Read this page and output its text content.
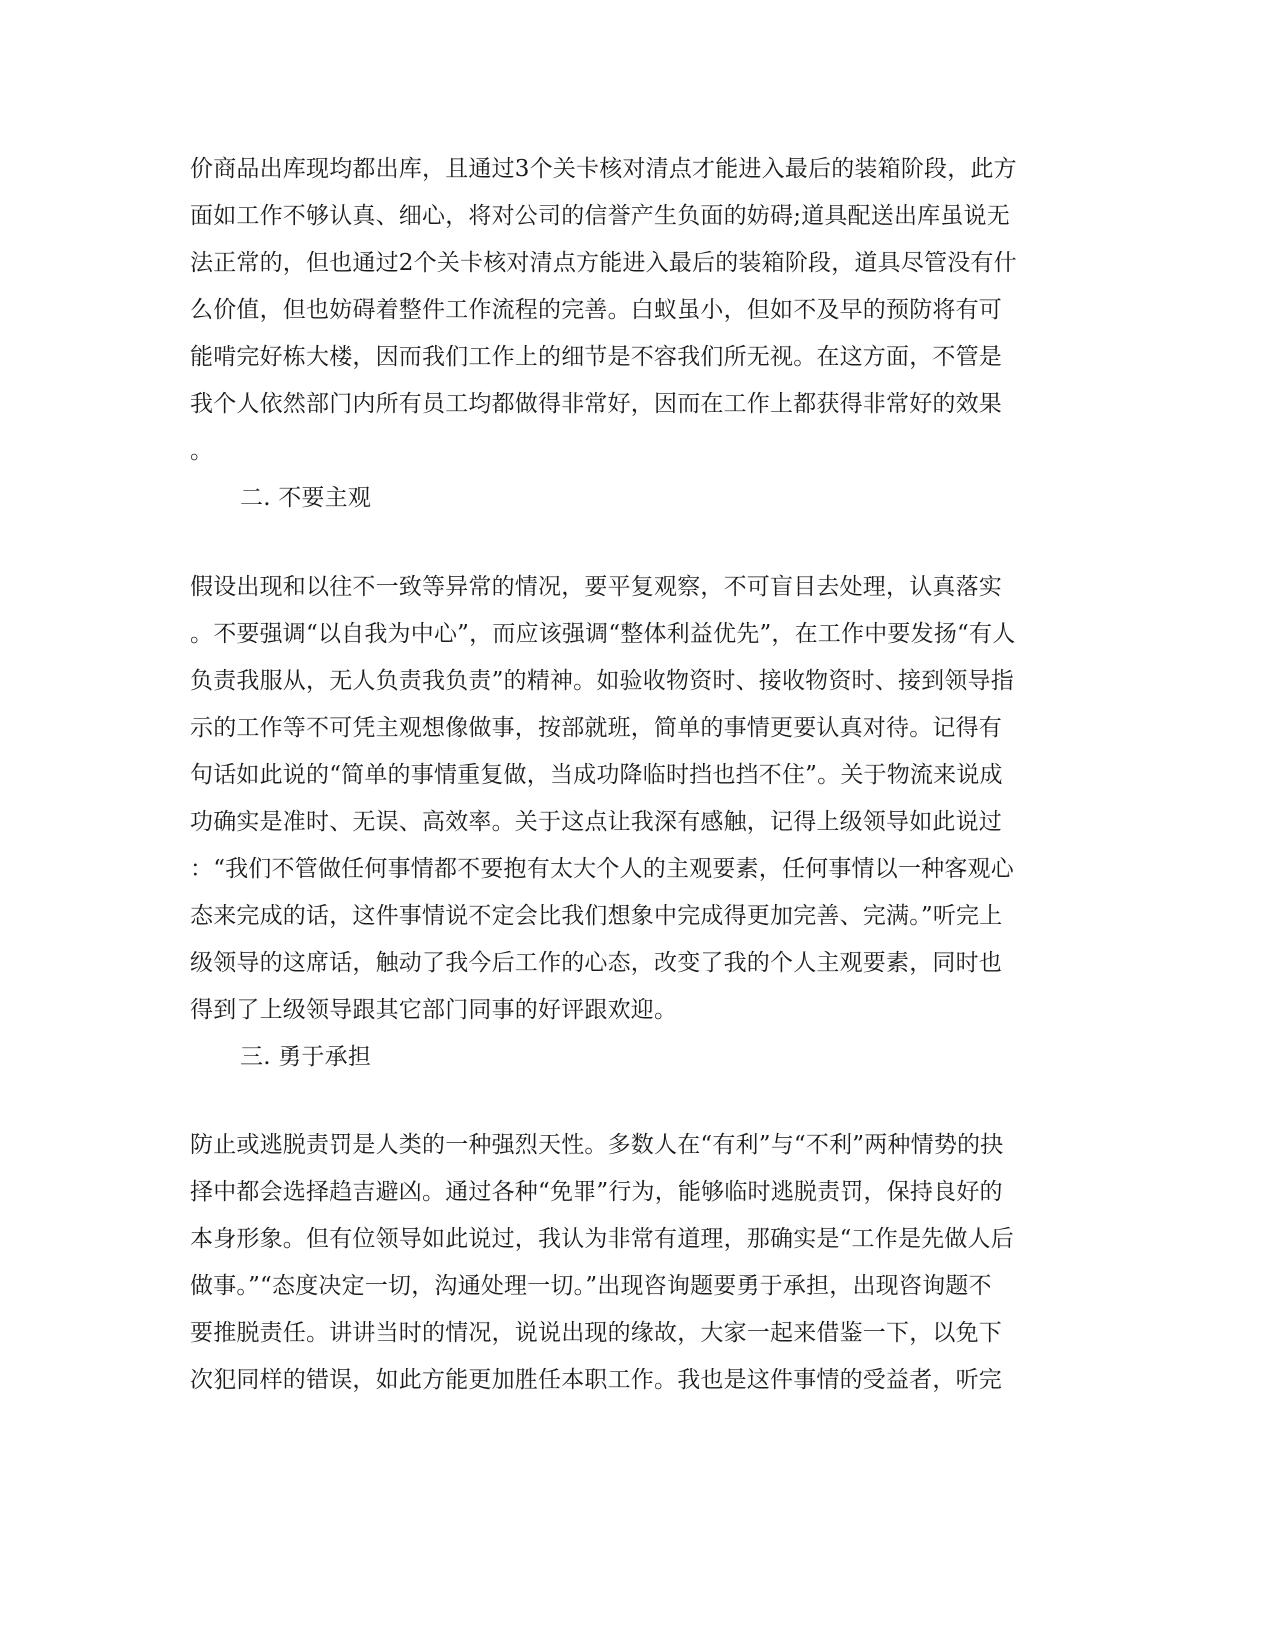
价商品出库现均都出库，且通过3个关卡核对清点才能进入最后的装箱阶段，此方
面如工作不够认真、细心，将对公司的信誉产生负面的妨碍;道具配送出库虽说无
法正常的，但也通过2个关卡核对清点方能进入最后的装箱阶段，道具尽管没有什
么价值，但也妨碍着整件工作流程的完善。白蚁虽小，但如不及早的预防将有可
能啃完好栋大楼，因而我们工作上的细节是不容我们所无视。在这方面，不管是
我个人依然部门内所有员工均都做得非常好，因而在工作上都获得非常好的效果
。
二. 不要主观
假设出现和以往不一致等异常的情况，要平复观察，不可盲目去处理，认真落实
。不要强调“以自我为中心”，而应该强调“整体利益优先”，在工作中要发扬“有人
负责我服从，无人负责我负责”的精神。如验收物资时、接收物资时、接到领导指
示的工作等不可凭主观想像做事，按部就班，简单的事情更要认真对待。记得有
句话如此说的“简单的事情重复做，当成功降临时挡也挡不住”。关于物流来说成
功确实是准时、无误、高效率。关于这点让我深有感触，记得上级领导如此说过
：“我们不管做任何事情都不要抱有太大个人的主观要素，任何事情以一种客观心
态来完成的话，这件事情说不定会比我们想象中完成得更加完善、完满。”听完上
级领导的这席话，触动了我今后工作的心态，改变了我的个人主观要素，同时也
得到了上级领导跟其它部门同事的好评跟欢迎。
三. 勇于承担
防止或逃脱责罚是人类的一种强烈天性。多数人在“有利”与“不利”两种情势的抉
择中都会选择趋吉避凶。通过各种“免罪”行为，能够临时逃脱责罚，保持良好的
本身形象。但有位领导如此说过，我认为非常有道理，那确实是“工作是先做人后
做事。”“态度决定一切，沟通处理一切。”出现咨询题要勇于承担，出现咨询题不
要推脱责任。讲讲当时的情况，说说出现的缘故，大家一起来借鉴一下，以免下
次犯同样的错误，如此方能更加胜任本职工作。我也是这件事情的受益者，听完
